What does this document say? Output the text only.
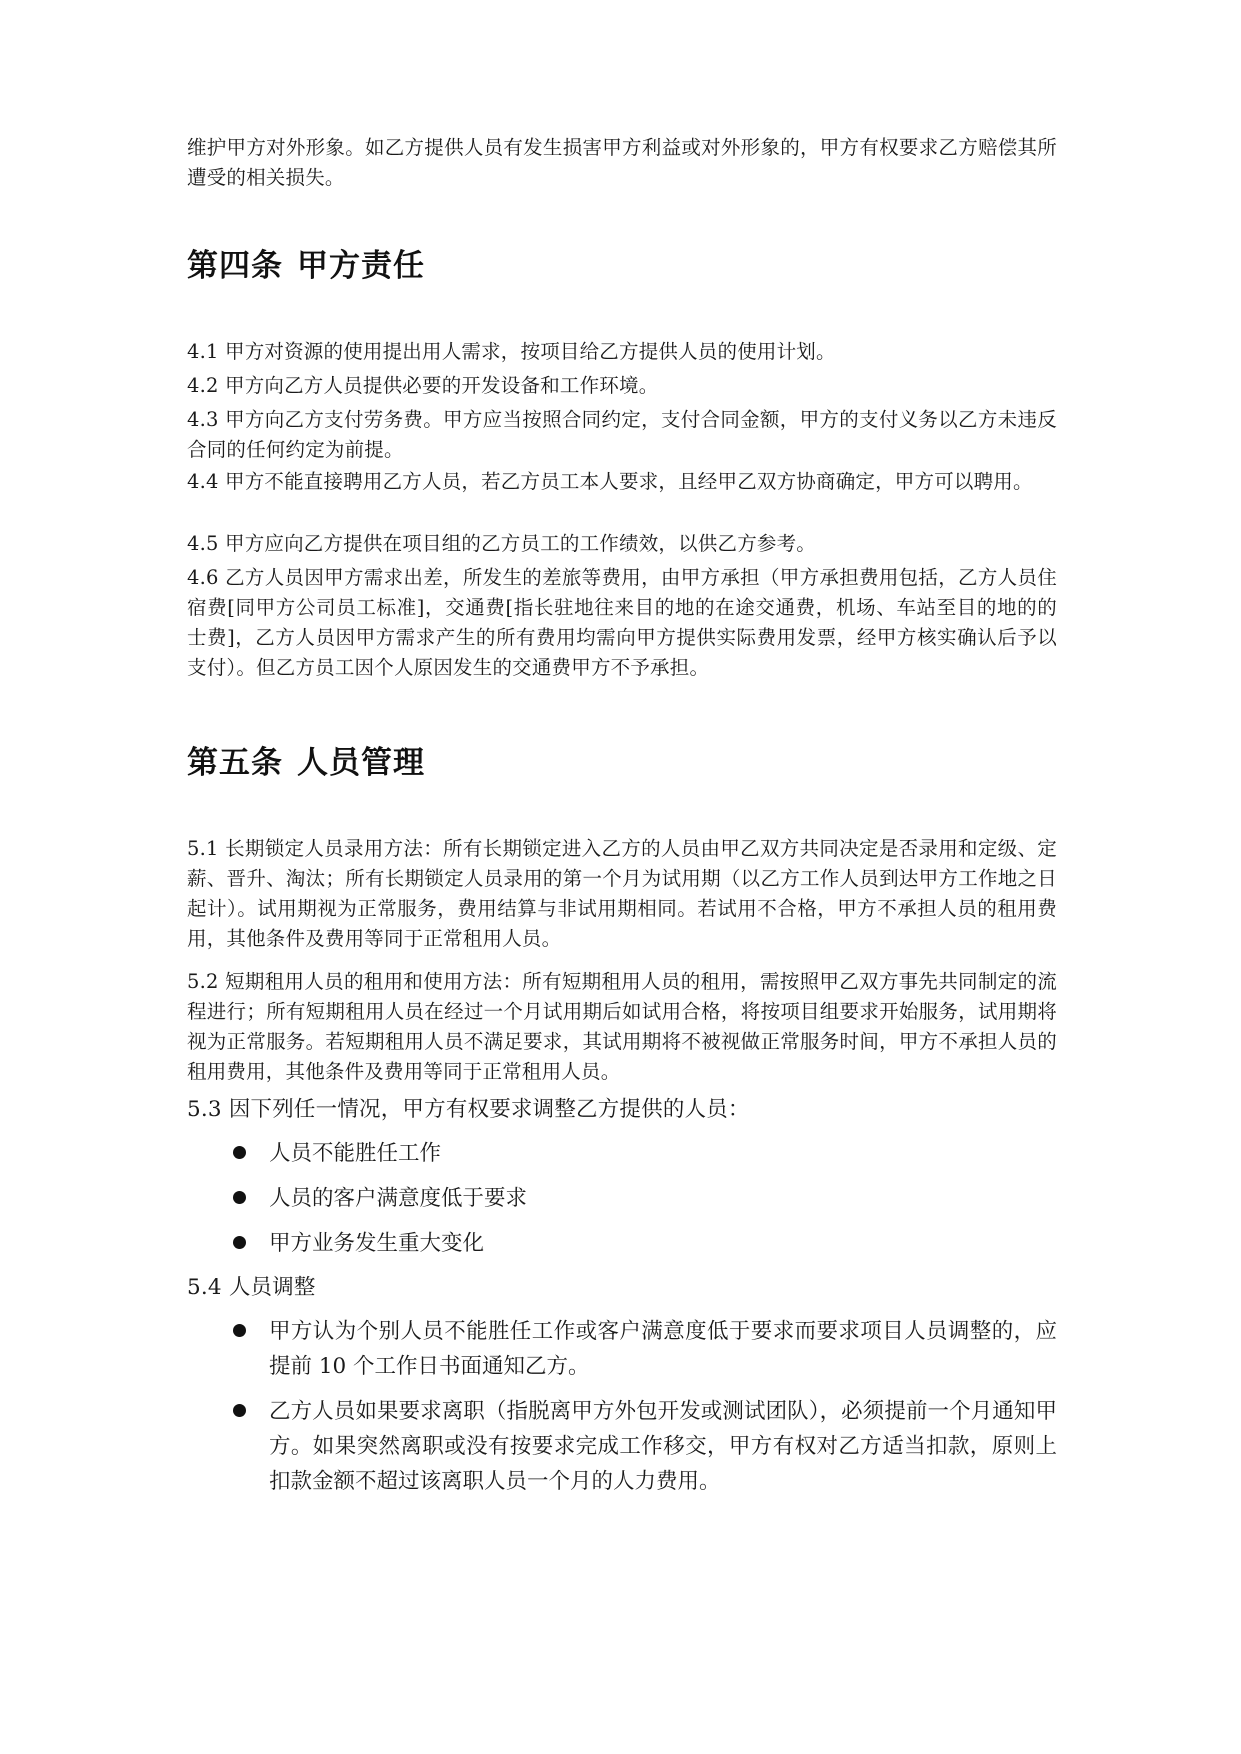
维护甲方对外形象。如乙方提供人员有发生损害甲方利益或对外形象的，甲方有权要求乙方赔偿其所遭受的相关损失。

第四条 甲方责任

4.1 甲方对资源的使用提出用人需求，按项目给乙方提供人员的使用计划。

4.2 甲方向乙方人员提供必要的开发设备和工作环境。

4.3 甲方向乙方支付劳务费。甲方应当按照合同约定，支付合同金额，甲方的支付义务以乙方未违反合同的任何约定为前提。

4.4 甲方不能直接聘用乙方人员，若乙方员工本人要求，且经甲乙双方协商确定，甲方可以聘用。

4.5 甲方应向乙方提供在项目组的乙方员工的工作绩效，以供乙方参考。

4.6 乙方人员因甲方需求出差，所发生的差旅等费用，由甲方承担（甲方承担费用包括，乙方人员住宿费[同甲方公司员工标准]，交通费[指长驻地往来目的地的在途交通费，机场、车站至目的地的的士费]，乙方人员因甲方需求产生的所有费用均需向甲方提供实际费用发票，经甲方核实确认后予以支付）。但乙方员工因个人原因发生的交通费甲方不予承担。

第五条 人员管理

5.1 长期锁定人员录用方法：所有长期锁定进入乙方的人员由甲乙双方共同决定是否录用和定级、定薪、晋升、淘汰；所有长期锁定人员录用的第一个月为试用期（以乙方工作人员到达甲方工作地之日起计）。试用期视为正常服务，费用结算与非试用期相同。若试用不合格，甲方不承担人员的租用费用，其他条件及费用等同于正常租用人员。

5.2 短期租用人员的租用和使用方法：所有短期租用人员的租用，需按照甲乙双方事先共同制定的流程进行；所有短期租用人员在经过一个月试用期后如试用合格，将按项目组要求开始服务，试用期将视为正常服务。若短期租用人员不满足要求，其试用期将不被视做正常服务时间，甲方不承担人员的租用费用，其他条件及费用等同于正常租用人员。

5.3 因下列任一情况，甲方有权要求调整乙方提供的人员：

人员不能胜任工作
人员的客户满意度低于要求
甲方业务发生重大变化

5.4 人员调整

甲方认为个别人员不能胜任工作或客户满意度低于要求而要求项目人员调整的，应提前 10 个工作日书面通知乙方。
乙方人员如果要求离职（指脱离甲方外包开发或测试团队），必须提前一个月通知甲方。如果突然离职或没有按要求完成工作移交，甲方有权对乙方适当扣款，原则上扣款金额不超过该离职人员一个月的人力费用。
